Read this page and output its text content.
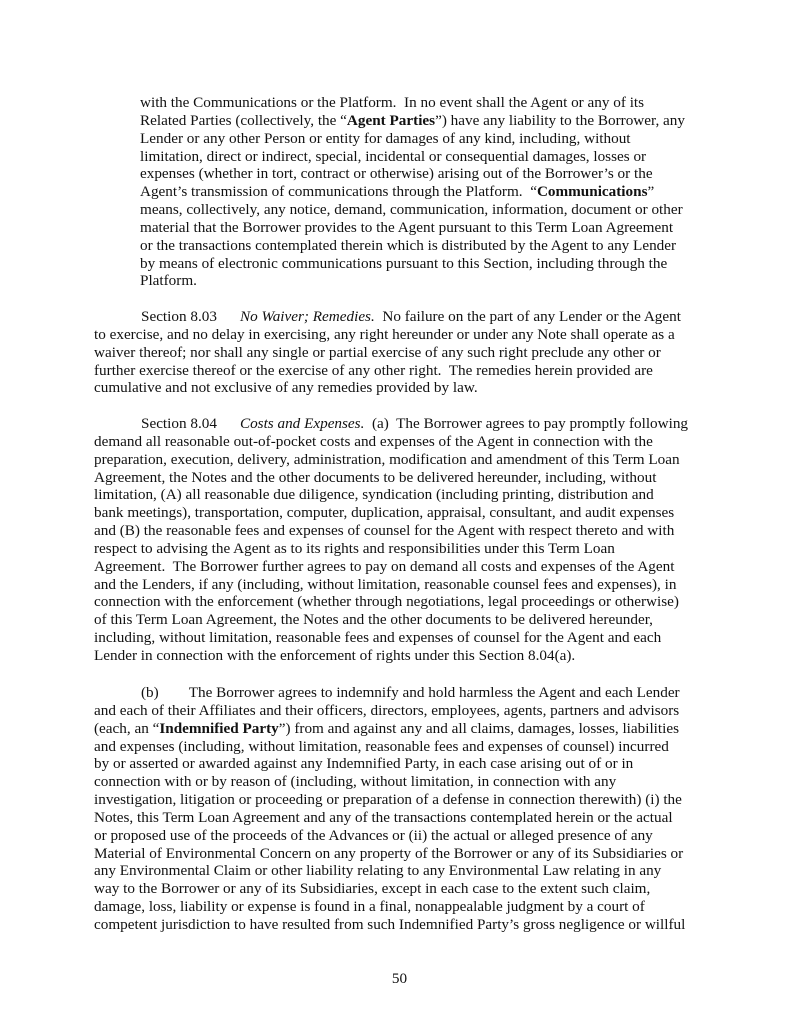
with the Communications or the Platform.  In no event shall the Agent or any of its
Related Parties (collectively, the “Agent Parties”) have any liability to the Borrower, any
Lender or any other Person or entity for damages of any kind, including, without
limitation, direct or indirect, special, incidental or consequential damages, losses or
expenses (whether in tort, contract or otherwise) arising out of the Borrower’s or the
Agent’s transmission of communications through the Platform.  “Communications”
means, collectively, any notice, demand, communication, information, document or other
material that the Borrower provides to the Agent pursuant to this Term Loan Agreement
or the transactions contemplated therein which is distributed by the Agent to any Lender
by means of electronic communications pursuant to this Section, including through the
Platform.
Section 8.03 No Waiver; Remedies.  No failure on the part of any Lender or the Agent
to exercise, and no delay in exercising, any right hereunder or under any Note shall operate as a
waiver thereof; nor shall any single or partial exercise of any such right preclude any other or
further exercise thereof or the exercise of any other right.  The remedies herein provided are
cumulative and not exclusive of any remedies provided by law.
Section 8.04 Costs and Expenses.  (a)  The Borrower agrees to pay promptly following
demand all reasonable out-of-pocket costs and expenses of the Agent in connection with the
preparation, execution, delivery, administration, modification and amendment of this Term Loan
Agreement, the Notes and the other documents to be delivered hereunder, including, without
limitation, (A) all reasonable due diligence, syndication (including printing, distribution and
bank meetings), transportation, computer, duplication, appraisal, consultant, and audit expenses
and (B) the reasonable fees and expenses of counsel for the Agent with respect thereto and with
respect to advising the Agent as to its rights and responsibilities under this Term Loan
Agreement.  The Borrower further agrees to pay on demand all costs and expenses of the Agent
and the Lenders, if any (including, without limitation, reasonable counsel fees and expenses), in
connection with the enforcement (whether through negotiations, legal proceedings or otherwise)
of this Term Loan Agreement, the Notes and the other documents to be delivered hereunder,
including, without limitation, reasonable fees and expenses of counsel for the Agent and each
Lender in connection with the enforcement of rights under this Section 8.04(a).
(b) The Borrower agrees to indemnify and hold harmless the Agent and each Lender
and each of their Affiliates and their officers, directors, employees, agents, partners and advisors
(each, an “Indemnified Party”) from and against any and all claims, damages, losses, liabilities
and expenses (including, without limitation, reasonable fees and expenses of counsel) incurred
by or asserted or awarded against any Indemnified Party, in each case arising out of or in
connection with or by reason of (including, without limitation, in connection with any
investigation, litigation or proceeding or preparation of a defense in connection therewith) (i) the
Notes, this Term Loan Agreement and any of the transactions contemplated herein or the actual
or proposed use of the proceeds of the Advances or (ii) the actual or alleged presence of any
Material of Environmental Concern on any property of the Borrower or any of its Subsidiaries or
any Environmental Claim or other liability relating to any Environmental Law relating in any
way to the Borrower or any of its Subsidiaries, except in each case to the extent such claim,
damage, loss, liability or expense is found in a final, nonappealable judgment by a court of
competent jurisdiction to have resulted from such Indemnified Party’s gross negligence or willful
50
